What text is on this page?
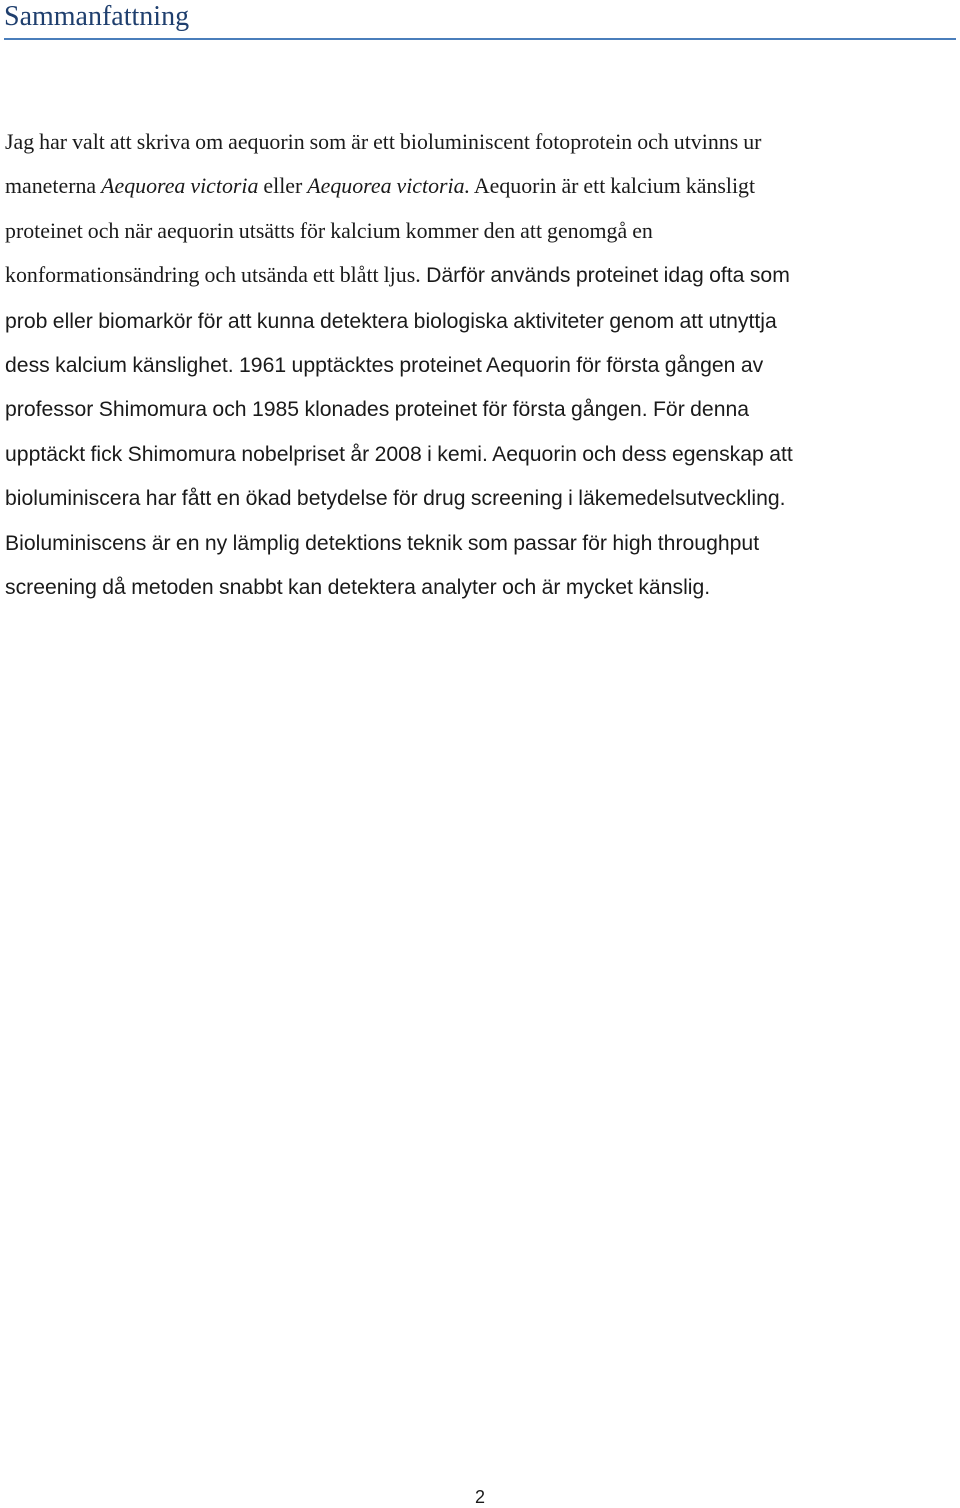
Sammanfattning
Jag har valt att skriva om aequorin som är ett bioluminiscent fotoprotein och utvinns ur
maneterna Aequorea victoria eller Aequorea victoria. Aequorin är ett kalcium känsligt
proteinet och när aequorin utsätts för kalcium kommer den att genomgå en
konformationsändring och utsända ett blått ljus. Därför används proteinet idag ofta som
prob eller biomarkör för att kunna detektera biologiska aktiviteter genom att utnyttja
dess kalcium känslighet. 1961 upptäcktes proteinet Aequorin för första gången av
professor Shimomura och 1985 klonades proteinet för första gången. För denna
upptäckt fick Shimomura nobelpriset år 2008 i kemi. Aequorin och dess egenskap att
bioluminiscera har fått en ökad betydelse för drug screening i läkemedelsutveckling.
Bioluminiscens är en ny lämplig detektions teknik som passar för high throughput
screening då metoden snabbt kan detektera analyter och är mycket känslig.
2
